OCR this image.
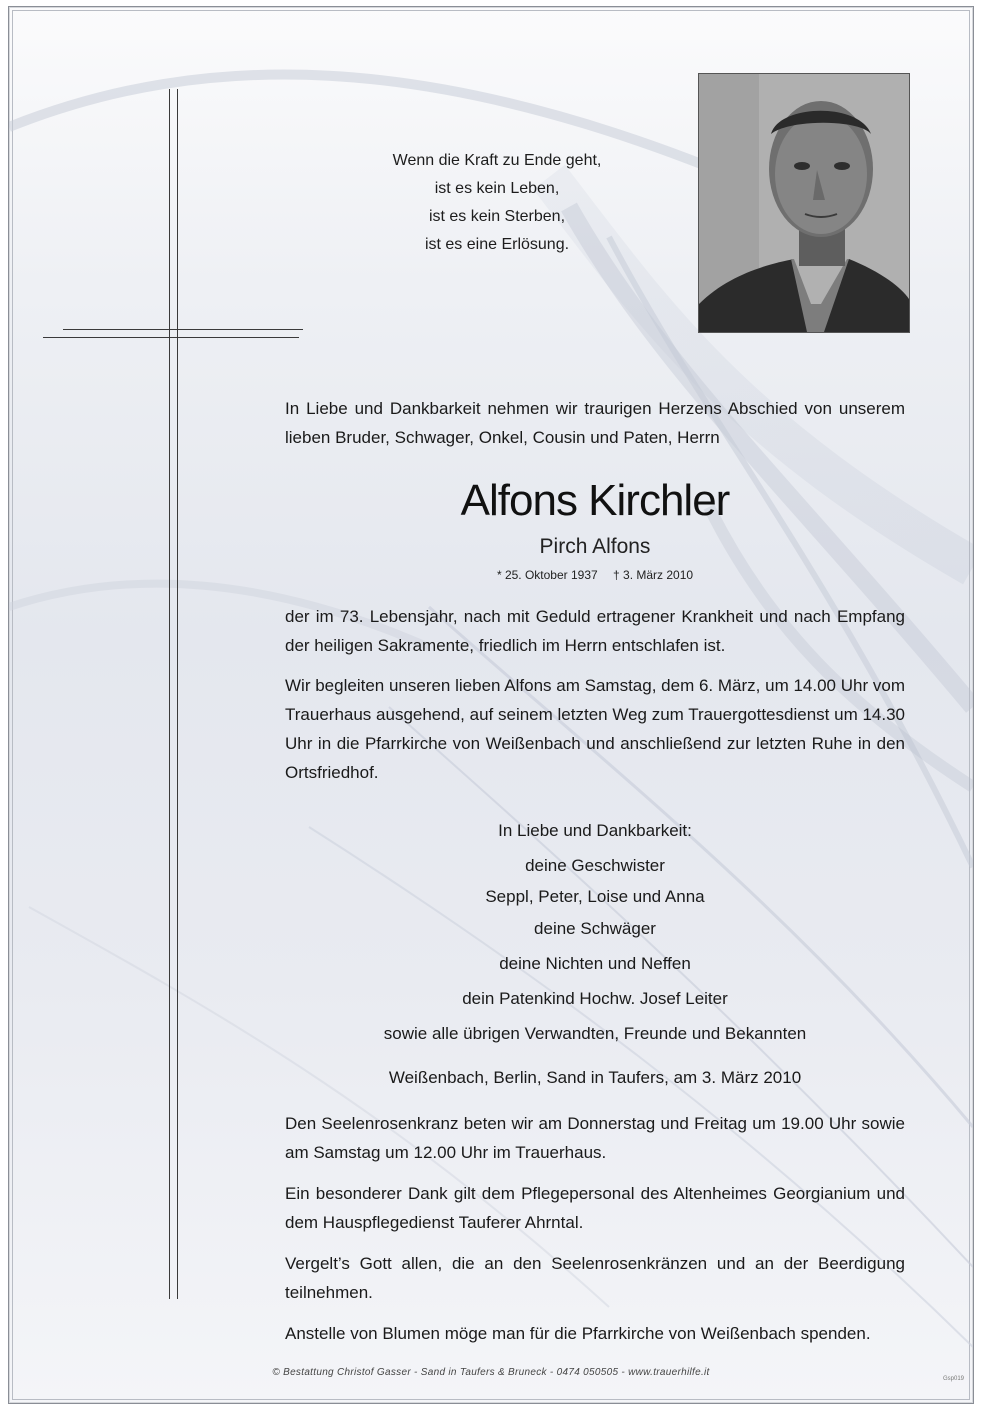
Wenn die Kraft zu Ende geht,
ist es kein Leben,
ist es kein Sterben,
ist es eine Erlösung.
In Liebe und Dankbarkeit nehmen wir traurigen Herzens Abschied von unserem lieben Bruder, Schwager, Onkel, Cousin und Paten, Herrn
Alfons Kirchler
Pirch Alfons
* 25. Oktober 1937 † 3. März 2010
der im 73. Lebensjahr, nach mit Geduld ertragener Krankheit und nach Empfang der heiligen Sakramente, friedlich im Herrn entschlafen ist.
Wir begleiten unseren lieben Alfons am Samstag, dem 6. März, um 14.00 Uhr vom Trauerhaus ausgehend, auf seinem letzten Weg zum Trauergottesdienst um 14.30 Uhr in die Pfarrkirche von Weißenbach und anschließend zur letzten Ruhe in den Ortsfriedhof.
In Liebe und Dankbarkeit:
deine Geschwister
Seppl, Peter, Loise und Anna
deine Schwäger
deine Nichten und Neffen
dein Patenkind Hochw. Josef Leiter
sowie alle übrigen Verwandten, Freunde und Bekannten
Weißenbach, Berlin, Sand in Taufers, am 3. März 2010
Den Seelenrosenkranz beten wir am Donnerstag und Freitag um 19.00 Uhr sowie am Samstag um 12.00 Uhr im Trauerhaus.
Ein besonderer Dank gilt dem Pflegepersonal des Altenheimes Georgianium und dem Hauspflegedienst Tauferer Ahrntal.
Vergelt’s Gott allen, die an den Seelenrosenkränzen und an der Beerdigung teilnehmen.
Anstelle von Blumen möge man für die Pfarrkirche von Weißenbach spenden.
© Bestattung Christof Gasser - Sand in Taufers & Bruneck - 0474 050505 - www.trauerhilfe.it
Gsp019
